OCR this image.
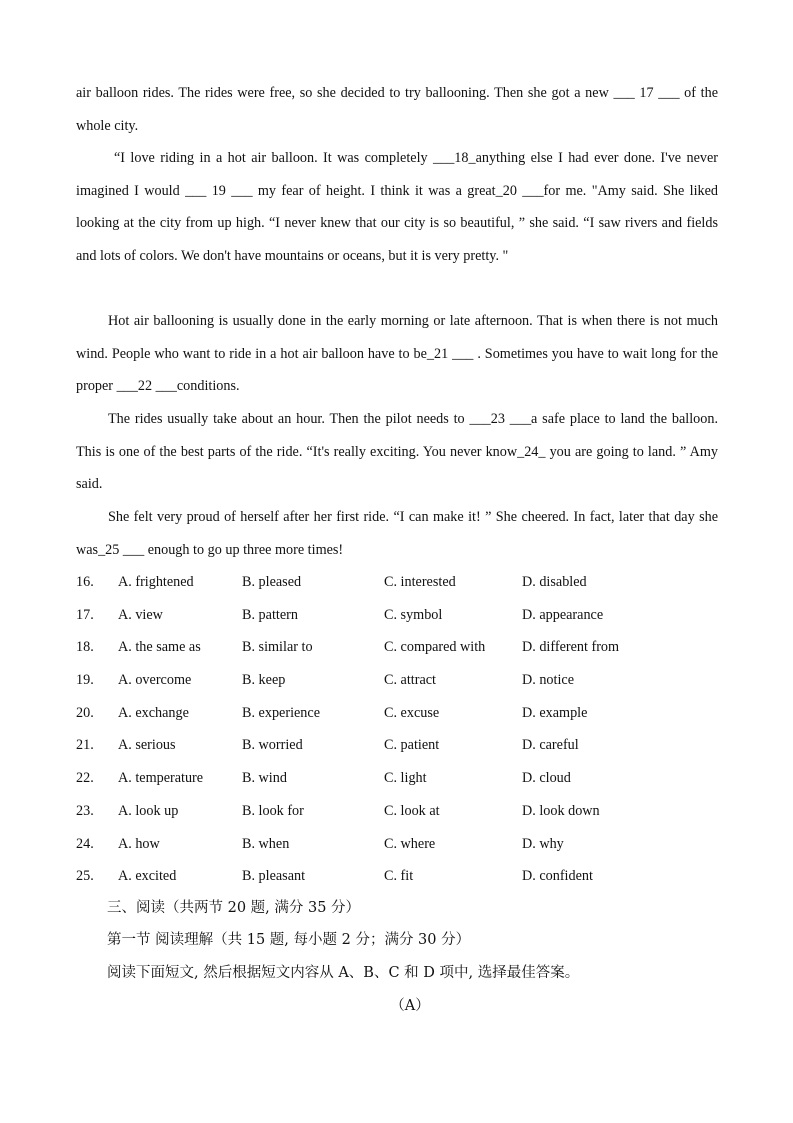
air balloon rides. The rides were free, so she decided to try ballooning. Then she got a new ___ 17 ___ of the whole city.

“I love riding in a hot air balloon. It was completely ___18_anything else I had ever done. I've never imagined I would ___ 19 ___ my fear of height. I think it was a great_20 ___for me. "Amy said. She liked looking at the city from up high. “I never knew that our city is so beautiful, ” she said. “I saw rivers and fields and lots of colors. We don't have mountains or oceans, but it is very pretty. "

Hot air ballooning is usually done in the early morning or late afternoon. That is when there is not much wind. People who want to ride in a hot air balloon have to be_21 ___ . Sometimes you have to wait long for the proper ___22 ___conditions.

The rides usually take about an hour. Then the pilot needs to ___23 ___a safe place to land the balloon. This is one of the best parts of the ride. “It's really exciting. You never know_24_ you are going to land. ” Amy said.

She felt very proud of herself after her first ride. “I can make it! ” She cheered. In fact, later that day she was_25 ___ enough to go up three more times!

16. A. frightened	B. pleased	C. interested	D. disabled
17. A. view	B. pattern	C. symbol	D. appearance
18. A. the same as	B. similar to	C. compared with	D. different from
19. A. overcome	B. keep	C. attract	D. notice
20. A. exchange	B. experience	C. excuse	D. example
21. A. serious	B. worried	C. patient	D. careful
22. A. temperature	B. wind	C. light	D. cloud
23. A. look up	B. look for	C. look at	D. look down
24. A. how	B. when	C. where	D. why
25. A. excited	B. pleasant	C. fit	D. confident
三、阅读（共两节 20 题, 满分 35 分）
第一节 阅读理解（共 15 题, 每小题 2 分；满分 30 分）
阅读下面短文, 然后根据短文内容从 A、B、C 和 D 项中, 选择最佳答案。
（A）
